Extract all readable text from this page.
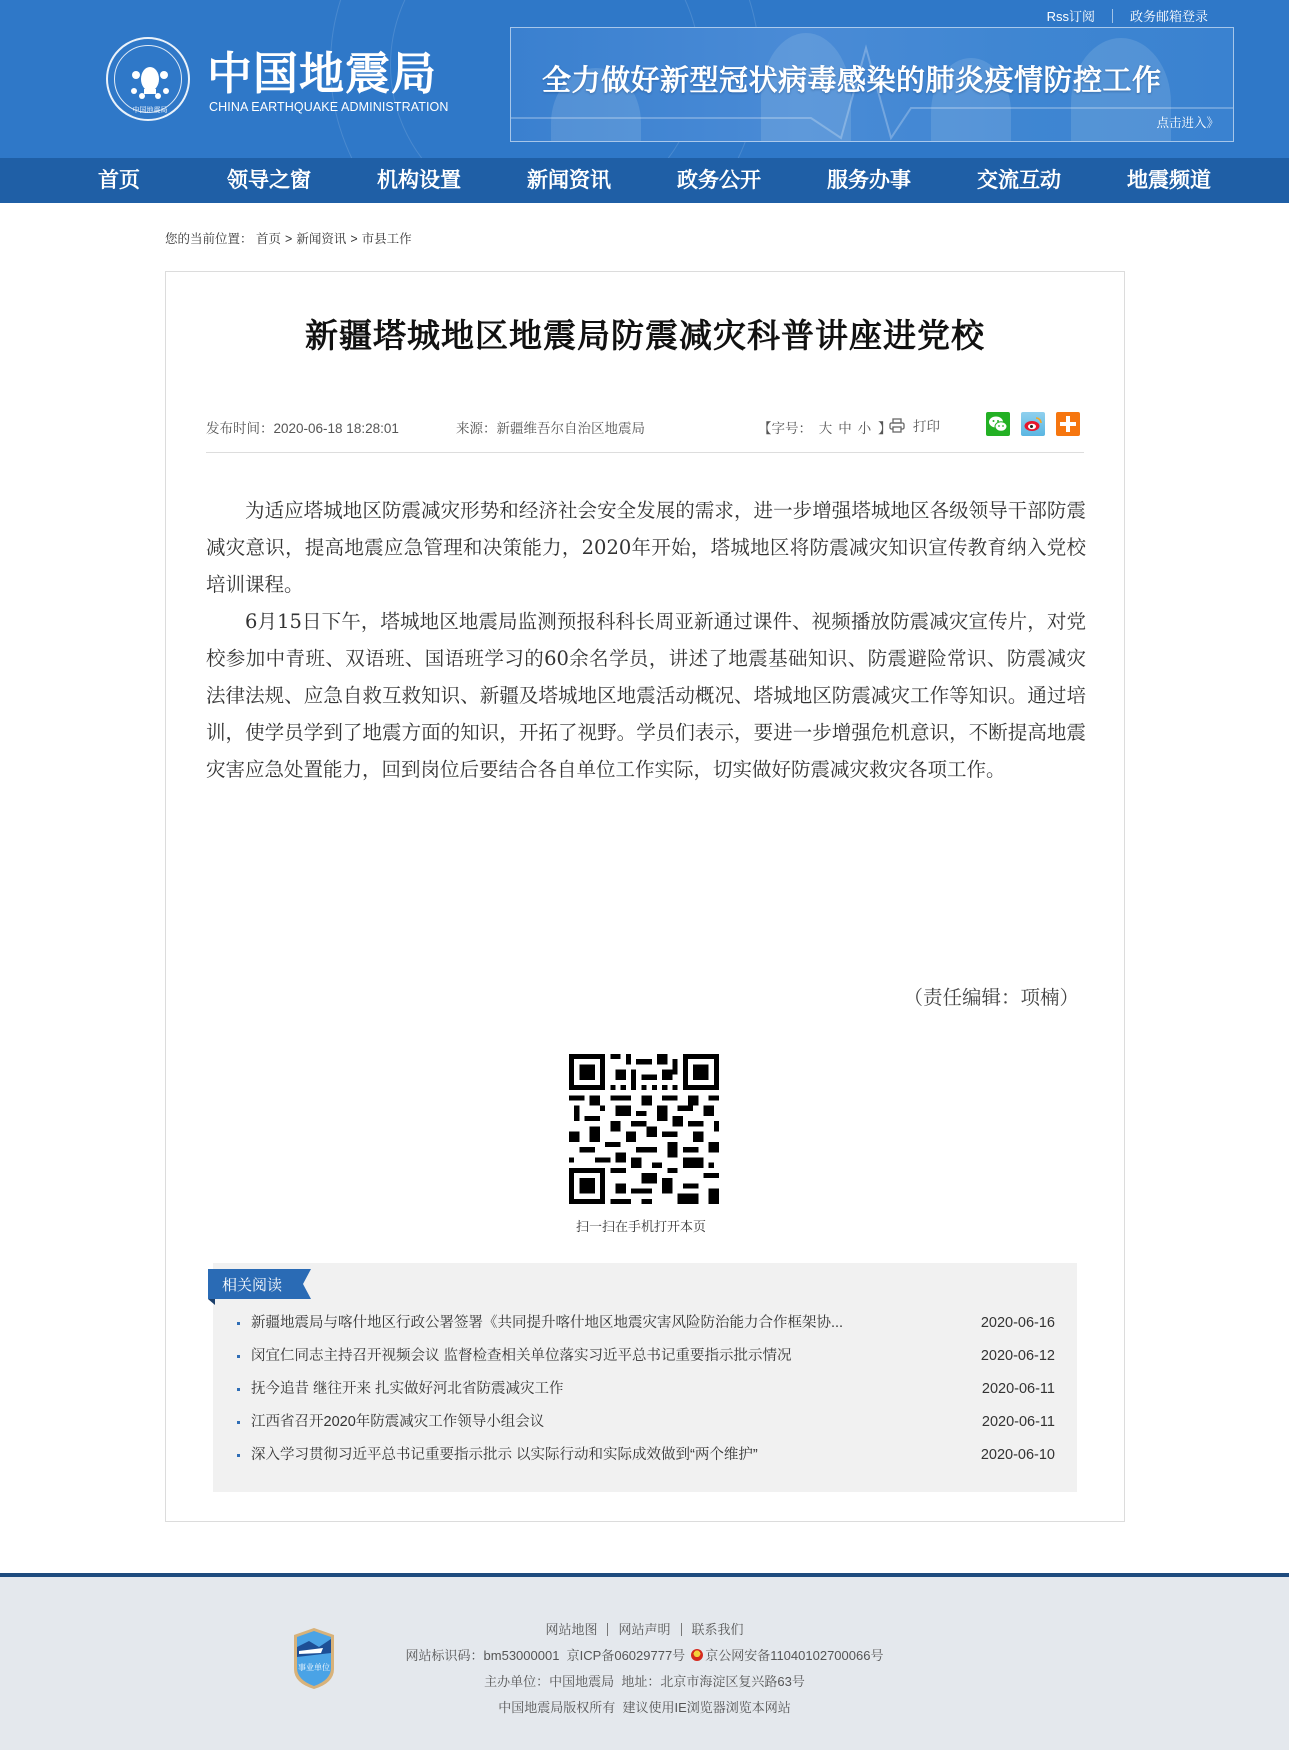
中国地震局
中国地震局
CHINA EARTHQUAKE ADMINISTRATION
Rss订阅	政务邮箱登录
全力做好新型冠状病毒感染的肺炎疫情防控工作
点击进入》
首页	领导之窗	机构设置	新闻资讯	政务公开	服务办事	交流互动	地震频道
您的当前位置： 首页 > 新闻资讯 > 市县工作
新疆塔城地区地震局防震减灾科普讲座进党校
发布时间：2020-06-18 18:28:01	来源：新疆维吾尔自治区地震局	【字号： 大 中 小 】 打印

为适应塔城地区防震减灾形势和经济社会安全发展的需求，进一步增强塔城地区各级领导干部防震减灾意识，提高地震应急管理和决策能力，2020年开始，塔城地区将防震减灾知识宣传教育纳入党校培训课程。

6月15日下午，塔城地区地震局监测预报科科长周亚新通过课件、视频播放防震减灾宣传片，对党校参加中青班、双语班、国语班学习的60余名学员，讲述了地震基础知识、防震避险常识、防震减灾法律法规、应急自救互救知识、新疆及塔城地区地震活动概况、塔城地区防震减灾工作等知识。通过培训，使学员学到了地震方面的知识，开拓了视野。学员们表示，要进一步增强危机意识，不断提高地震灾害应急处置能力，回到岗位后要结合各自单位工作实际，切实做好防震减灾救灾各项工作。

（责任编辑：项楠）
扫一扫在手机打开本页
相关阅读
新疆地震局与喀什地区行政公署签署《共同提升喀什地区地震灾害风险防治能力合作框架协...	2020-06-16
闵宜仁同志主持召开视频会议 监督检查相关单位落实习近平总书记重要指示批示情况	2020-06-12
抚今追昔 继往开来 扎实做好河北省防震减灾工作	2020-06-11
江西省召开2020年防震减灾工作领导小组会议	2020-06-11
深入学习贯彻习近平总书记重要指示批示 以实际行动和实际成效做到“两个维护”	2020-06-10
事业单位
网站地图 网站声明 联系我们
网站标识码：bm53000001 京ICP备06029777号 京公网安备11040102700066号
主办单位：中国地震局  地址：北京市海淀区复兴路63号
中国地震局版权所有  建议使用IE浏览器浏览本网站
